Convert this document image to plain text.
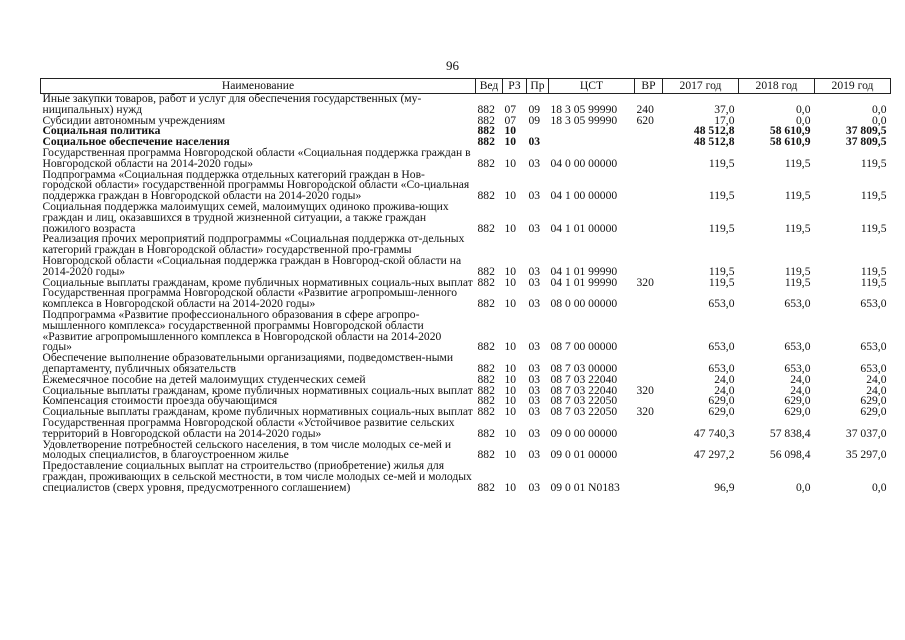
96
Наименование	Вед	РЗ	Пр	ЦСТ	ВР	2017 год	2018 год	2019 год
Иные закупки товаров, работ и услуг для обеспечения государственных (му-ниципальных) нужд	882	07	09	18 3 05 99990	240	37,0	0,0	0,0
Субсидии автономным учреждениям	882	07	09	18 3 05 99990	620	17,0	0,0	0,0
Социальная политика	882	10				48 512,8	58 610,9	37 809,5
Социальное обеспечение населения	882	10	03			48 512,8	58 610,9	37 809,5
Государственная программа Новгородской области «Социальная поддержка граждан в Новгородской области на 2014-2020 годы»	882	10	03	04 0 00 00000		119,5	119,5	119,5
Подпрограмма «Социальная поддержка отдельных категорий граждан в Нов-городской области» государственной программы Новгородской области «Со-циальная поддержка граждан в Новгородской области на 2014-2020 годы»	882	10	03	04 1 00 00000		119,5	119,5	119,5
Социальная поддержка малоимущих семей, малоимущих одиноко прожива-ющих граждан и лиц, оказавшихся в трудной жизненной ситуации, а также граждан пожилого возраста	882	10	03	04 1 01 00000		119,5	119,5	119,5
Реализация прочих мероприятий подпрограммы «Социальная поддержка от-дельных категорий граждан в Новгородской области» государственной про-граммы Новгородской области «Социальная поддержка граждан в Новгород-ской области на 2014-2020 годы»	882	10	03	04 1 01 99990		119,5	119,5	119,5
Социальные выплаты гражданам, кроме публичных нормативных социаль-ных выплат	882	10	03	04 1 01 99990	320	119,5	119,5	119,5
Государственная программа Новгородской области «Развитие агропромыш-ленного комплекса в Новгородской области на 2014-2020 годы»	882	10	03	08 0 00 00000		653,0	653,0	653,0
Подпрограмма «Развитие профессионального образования в сфере агропро-мышленного комплекса» государственной программы Новгородской области «Развитие агропромышленного комплекса в Новгородской области на 2014-2020 годы»	882	10	03	08 7 00 00000		653,0	653,0	653,0
Обеспечение выполнение образовательными организациями, подведомствен-ными департаменту, публичных обязательств	882	10	03	08 7 03 00000		653,0	653,0	653,0
Ежемесячное пособие на детей малоимущих студенческих семей	882	10	03	08 7 03 22040		24,0	24,0	24,0
Социальные выплаты гражданам, кроме публичных нормативных социаль-ных выплат	882	10	03	08 7 03 22040	320	24,0	24,0	24,0
Компенсация стоимости проезда обучающимся	882	10	03	08 7 03 22050		629,0	629,0	629,0
Социальные выплаты гражданам, кроме публичных нормативных социаль-ных выплат	882	10	03	08 7 03 22050	320	629,0	629,0	629,0
Государственная программа Новгородской области «Устойчивое развитие сельских территорий в Новгородской области на 2014-2020 годы»	882	10	03	09 0 00 00000		47 740,3	57 838,4	37 037,0
Удовлетворение потребностей сельского населения, в том числе молодых се-мей и молодых специалистов, в благоустроенном жилье	882	10	03	09 0 01 00000		47 297,2	56 098,4	35 297,0
Предоставление социальных выплат на строительство (приобретение) жилья для граждан, проживающих в сельской местности, в том числе молодых се-мей и молодых специалистов (сверх уровня, предусмотренного соглашением)	882	10	03	09 0 01 N0183		96,9	0,0	0,0
